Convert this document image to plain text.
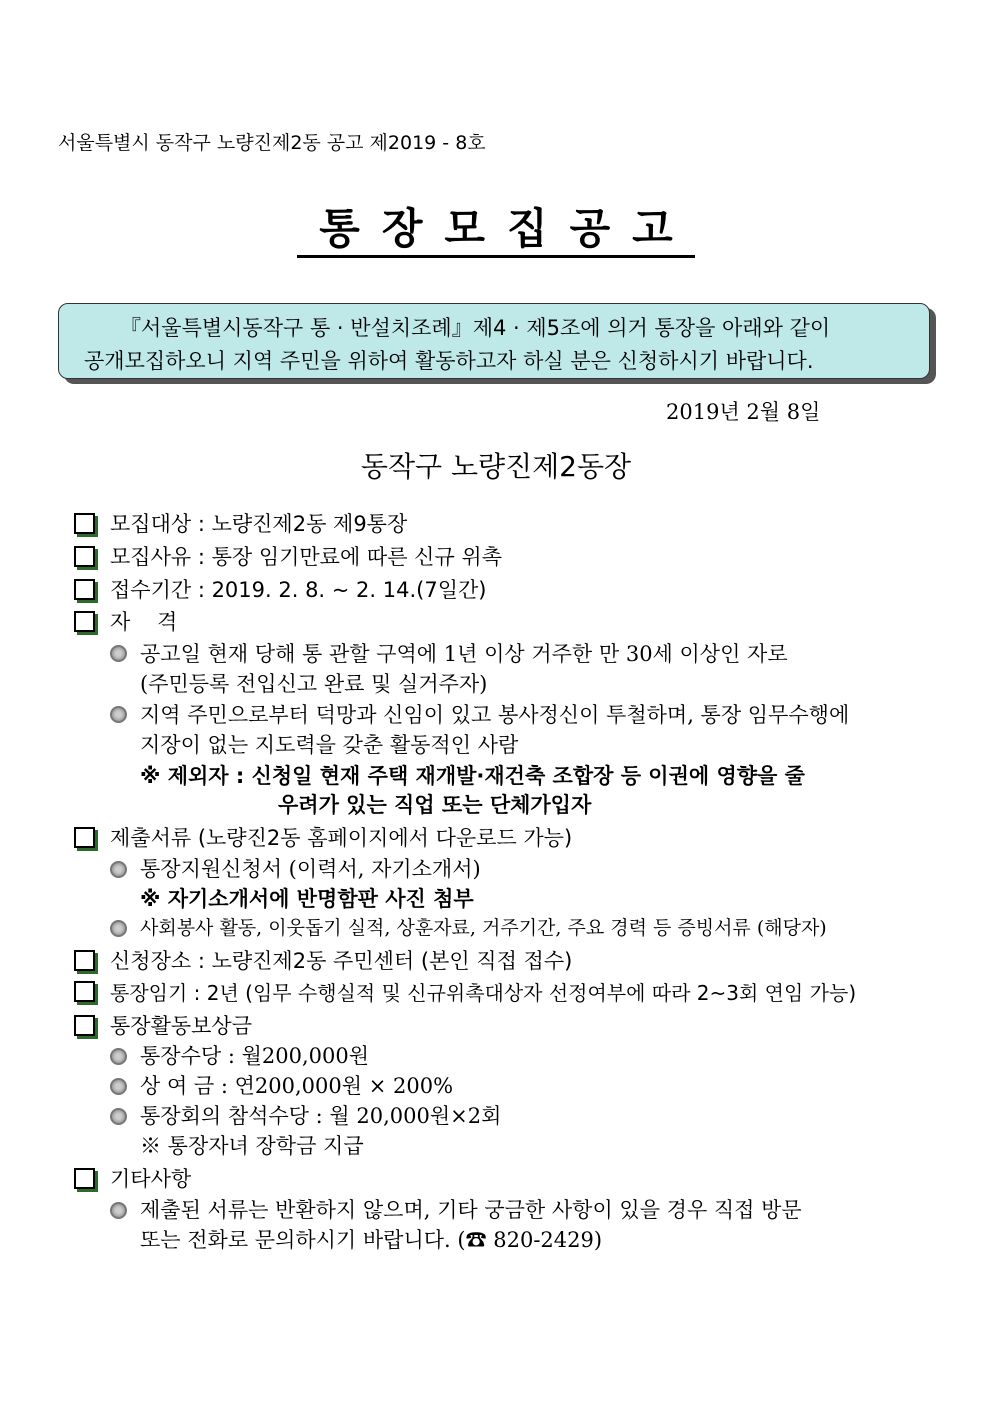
서울특별시 동작구 노량진제2동 공고 제2019 - 8호
통장모집공고
『서울특별시동작구 통 · 반설치조례』제4 · 제5조에 의거 통장을 아래와 같이
공개모집하오니 지역 주민을 위하여 활동하고자 하실 분은 신청하시기 바랍니다.
2019년 2월 8일
동작구 노량진제2동장
모집대상 : 노량진제2동 제9통장
모집사유 : 통장 임기만료에 따른 신규 위촉
접수기간 : 2019. 2. 8. ~ 2. 14.(7일간)
자    격
공고일 현재 당해 통 관할 구역에 1년 이상 거주한 만 30세 이상인 자로
(주민등록 전입신고 완료 및 실거주자)
지역 주민으로부터 덕망과 신임이 있고 봉사정신이 투철하며, 통장 임무수행에
지장이 없는 지도력을 갖춘 활동적인 사람
※ 제외자 : 신청일 현재 주택 재개발·재건축 조합장 등 이권에 영향을 줄
우려가 있는 직업 또는 단체가입자
제출서류 (노량진2동 홈페이지에서 다운로드 가능)
통장지원신청서 (이력서, 자기소개서)
※ 자기소개서에 반명함판 사진 첨부
사회봉사 활동, 이웃돕기 실적, 상훈자료, 거주기간, 주요 경력 등 증빙서류 (해당자)
신청장소 : 노량진제2동 주민센터 (본인 직접 접수)
통장임기 : 2년 (임무 수행실적 및 신규위촉대상자 선정여부에 따라 2~3회 연임 가능)
통장활동보상금
통장수당 : 월200,000원
상 여 금 : 연200,000원 × 200%
통장회의 참석수당 : 월 20,000원×2회
※ 통장자녀 장학금 지급
기타사항
제출된 서류는 반환하지 않으며, 기타 궁금한 사항이 있을 경우 직접 방문
또는 전화로 문의하시기 바랍니다. (☎ 820-2429)
